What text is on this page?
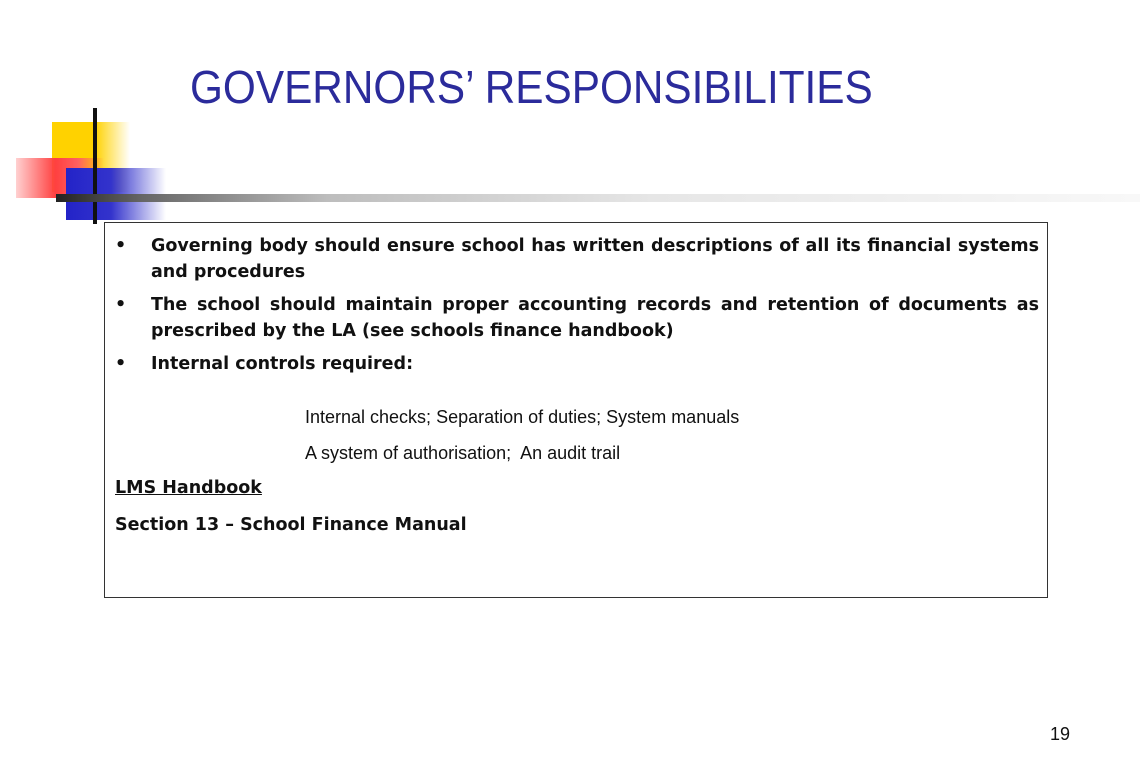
GOVERNORS’ RESPONSIBILITIES
• Governing body should ensure school has written descriptions of all its financial systems and procedures
• The school should maintain proper accounting records and retention of documents as prescribed by the LA (see schools finance handbook)
• Internal controls required:
Internal checks; Separation of duties; System manuals
A system of authorisation;  An audit trail
LMS Handbook
Section 13 – School Finance Manual
19
